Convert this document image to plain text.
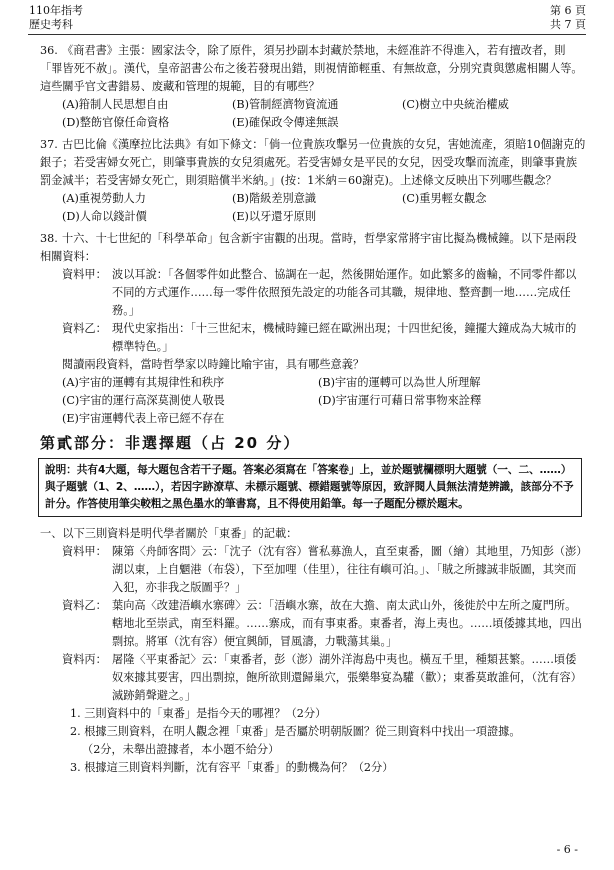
110年指考
歷史考科
第 6 頁
共 7 頁

36. 《商君書》主張：國家法令，除了原件，須另抄副本封藏於禁地，未經准許不得進入，若有擅改者，則「罪皆死不赦」。漢代，皇帝詔書公布之後若發現出錯，則視情節輕重、有無故意，分別究責與懲處相關人等。這些關乎官文書錯易、废藏和管理的規範，目的有哪些？

(A)箝制人民思想自由	(B)管制經濟物資流通	(C)樹立中央統治權威
(D)整飭官僚任命資格	(E)確保政令傳達無誤

37. 古巴比倫《漢摩拉比法典》有如下條文：「倘一位貴族攻擊另一位貴族的女兒，害她流產，須賠10個謝克的銀子；若受害婦女死亡，則肇事貴族的女兒須處死。若受害婦女是平民的女兒，因受攻擊而流產，則肇事貴族罰金減半；若受害婦女死亡，則須賠償半米納。」(按：1米納＝60謝克)。上述條文反映出下列哪些觀念？

(A)重視勞動人力	(B)階級差別意識	(C)重男輕女觀念
(D)人命以錢計價	(E)以牙還牙原則

38. 十六、十七世紀的「科學革命」包含新宇宙觀的出現。當時，哲學家常將宇宙比擬為機械鐘。以下是兩段相關資料：

資料甲： 波以耳說：「各個零件如此整合、協調在一起，然後開始運作。如此繁多的齒輪，不同零件都以不同的方式運作……每一零件依照預先設定的功能各司其職，規律地、整齊劃一地……完成任務。」
資料乙： 現代史家指出：「十三世紀末，機械時鐘已經在歐洲出現；十四世紀後，鐘擺大鐘成為大城市的標準特色。」

閱讀兩段資料，當時哲學家以時鐘比喻宇宙，具有哪些意義？

(A)宇宙的運轉有其規律性和秩序	(B)宇宙的運轉可以為世人所理解
(C)宇宙的運行高深莫測使人敬畏	(D)宇宙運行可藉日常事物來詮釋
(E)宇宙運轉代表上帝已經不存在
第貳部分：非選擇題（占 20 分）
說明：共有4大題，每大題包含若干子題。答案必須寫在「答案卷」上，並於題號欄標明大題號（一、二、……）與子題號（1、2、……），若因字跡潦草、未標示題號、標錯題號等原因，致評閱人員無法清楚辨識，該部分不予計分。作答使用筆尖較粗之黑色墨水的筆書寫，且不得使用鉛筆。每一子題配分標於題末。

一、以下三則資料是明代學者關於「東番」的記載：

資料甲： 陳第〈舟師客問〉云：「沈子（沈有容）嘗私募漁人，直至東番，圖（繪）其地里，乃知彭（澎）湖以東，上自魍港（布袋），下至加哩（佳里），往往有嶼可泊。」、「賊之所據誠非版圖，其突而入犯，亦非我之版圖乎？」
資料乙： 葉向高〈改建浯嶼水寨碑〉云：「浯嶼水寨，故在大擔、南太武山外，後徙於中左所之廈門所。轄地北至崇武，南至料羅。……寨成，而有事東番。東番者，海上夷也。……頃倭據其地，四出剽掠。將軍（沈有容）便宜興師，冒風濤，力戰蕩其巢。」
資料丙： 屠隆〈平東番記〉云：「東番者，彭（澎）湖外洋海島中夷也。橫亙千里，種類甚繁。……頃倭奴來據其要害，四出剽掠，飽所欲則還歸巢穴，張樂舉宴為驩（歡）；東番莫敢誰何，（沈有容）滅跡銷聲避之。」

1. 三則資料中的「東番」是指今天的哪裡？（2分）

2. 根據三則資料，在明人觀念裡「東番」是否屬於明朝版圖？從三則資料中找出一項證據。

（2分，未舉出證據者，本小題不給分）

3. 根據這三則資料判斷，沈有容平「東番」的動機為何？（2分）

- 6 -
